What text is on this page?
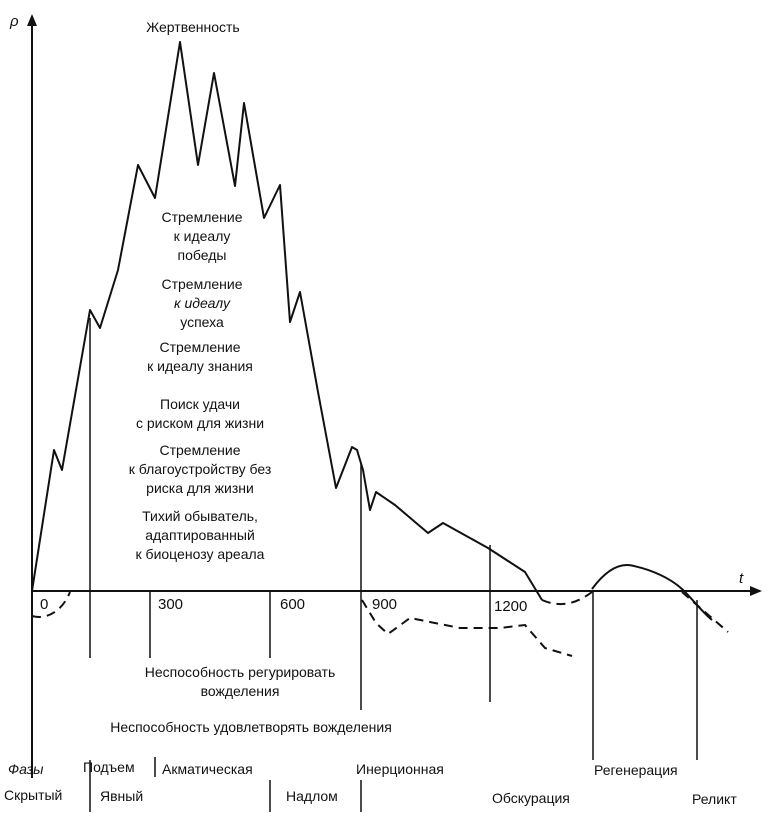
ρ
t
0	300	600	900	1200
Жертвенность
Стремление
к идеалу
победы
Стремление
к идеалу
успеха
Стремление
к идеалу знания
Поиск удачи
с риском для жизни
Стремление
к благоустройству без
риска для жизни
Тихий обыватель,
адаптированный
к биоценозу ареала
Неспособность регурировать
вожделения
Неспособность удовлетворять вожделения
Фазы
Скрытый
Подъем
Явный
Акматическая
Надлом
Инерционная
Обскурация
Регенерация
Реликт
